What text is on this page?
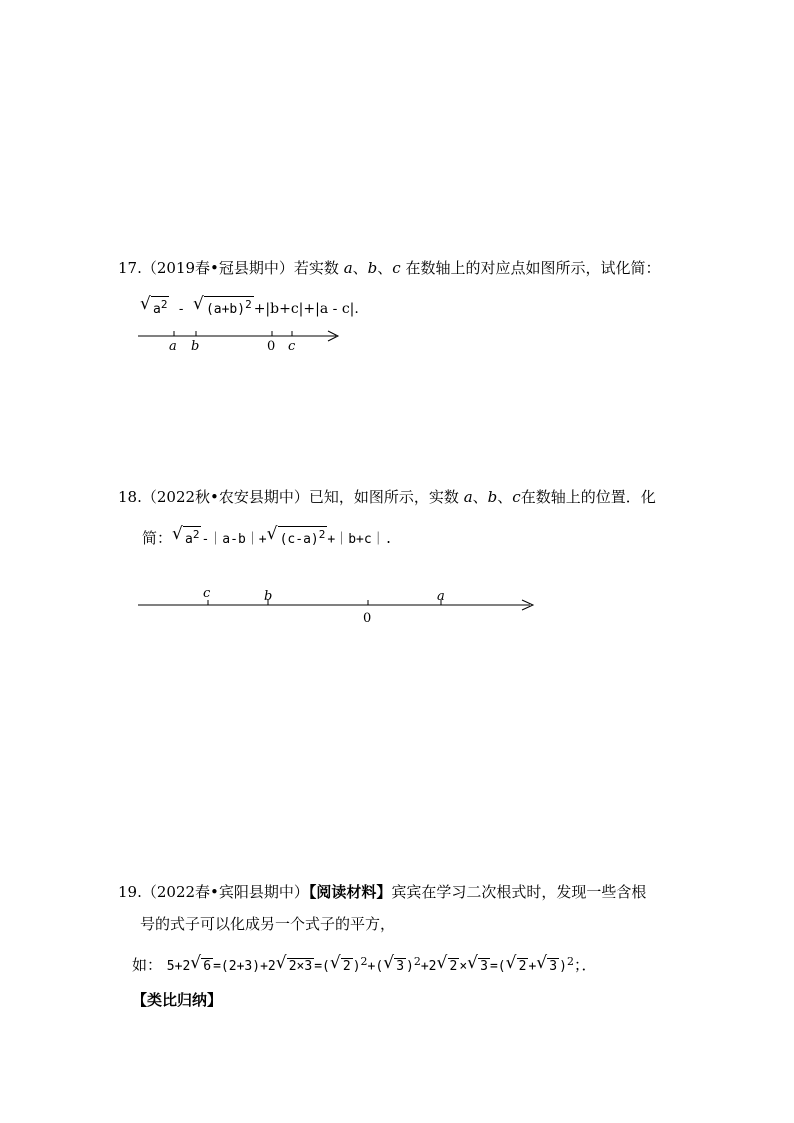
17.（2019春•冠县期中）若实数 a、b、c 在数轴上的对应点如图所示，试化简：
√ $a^2$ - √ $(a+b)^2 +|b+c|+|a - c|$.
a b	0 c
18.（2022秋•农安县期中）已知，如图所示，实数 a、b、c在数轴上的位置．化
简： √ $a^2$ -｜a-b｜+ √ $(c-a)^2$ +｜b+c｜.
c	b	a
0
19.（2022春•宾阳县期中）【阅读材料】宾宾在学习二次根式时，发现一些含根
号的式子可以化成另一个式子的平方，
如： 5+2 √ 6 =(2+3)+2 √ 2×3 =( √ 2 )$^2$+( √ 3 )$^2$+2 √ 2 × √ 3 =( √ 2 + √ 3 )$^2$；．
【类比归纳】
